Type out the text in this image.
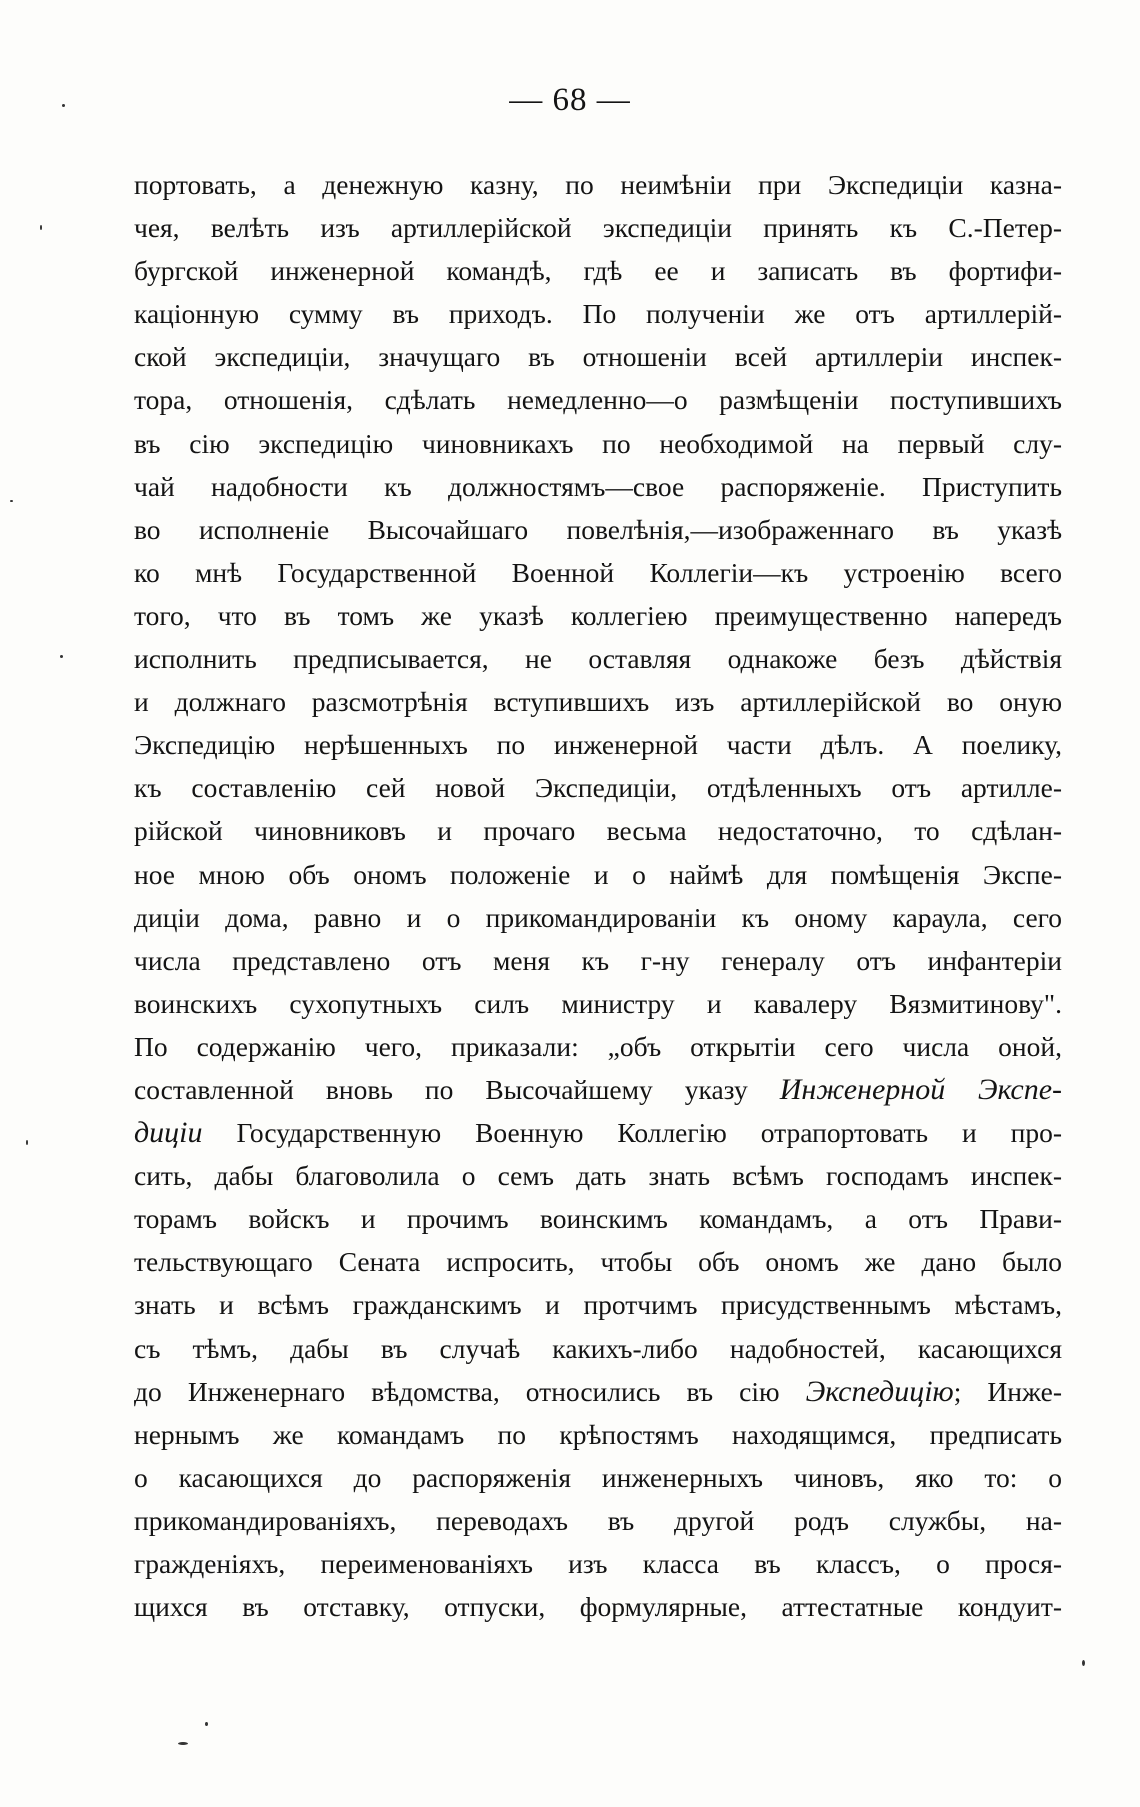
— 68 —
портовать, а денежную казну, по неимѣніи при Экспедиціи казна-
чея, велѣть изъ артиллерійской экспедиціи принять къ С.-Петер-
бургской инженерной командѣ, гдѣ ее и записать въ фортифи-
каціонную сумму въ приходъ. По полученіи же отъ артиллерій-
ской экспедиціи, значущаго въ отношеніи всей артиллеріи инспек-
тора, отношенія, сдѣлать немедленно—о размѣщеніи поступившихъ
въ сію экспедицію чиновникахъ по необходимой на первый слу-
чай надобности къ должностямъ—свое распоряженіе. Приступить
во исполненіе Высочайшаго повелѣнія,—изображеннаго въ указѣ
ко мнѣ Государственной Военной Коллегіи—къ устроенію всего
того, что въ томъ же указѣ коллегіею преимущественно напередъ
исполнить предписывается, не оставляя однакоже безъ дѣйствія
и должнаго разсмотрѣнія вступившихъ изъ артиллерійской во оную
Экспедицію нерѣшенныхъ по инженерной части дѣлъ. А поелику,
къ составленію сей новой Экспедиціи, отдѣленныхъ отъ артилле-
рійской чиновниковъ и прочаго весьма недостаточно, то сдѣлан-
ное мною объ ономъ положеніе и о наймѣ для помѣщенія Экспе-
диціи дома, равно и о прикомандированіи къ оному караула, сего
числа представлено отъ меня къ г-ну генералу отъ инфантеріи
воинскихъ сухопутныхъ силъ министру и кавалеру Вязмитинову".
По содержанію чего, приказали: „объ открытіи сего числа оной,
составленной вновь по Высочайшему указу Инженерной Экспе-
диціи Государственную Военную Коллегію отрапортовать и про-
сить, дабы благоволила о семъ дать знать всѣмъ господамъ инспек-
торамъ войскъ и прочимъ воинскимъ командамъ, а отъ Прави-
тельствующаго Сената испросить, чтобы объ ономъ же дано было
знать и всѣмъ гражданскимъ и протчимъ присудственнымъ мѣстамъ,
съ тѣмъ, дабы въ случаѣ какихъ-либо надобностей, касающихся
до Инженернаго вѣдомства, относились въ сію Экспедицію; Инже-
нернымъ же командамъ по крѣпостямъ находящимся, предписать
о касающихся до распоряженія инженерныхъ чиновъ, яко то: о
прикомандированіяхъ, переводахъ въ другой родъ службы, на-
гражденіяхъ, переименованіяхъ изъ класса въ классъ, о прося-
щихся въ отставку, отпуски, формулярные, аттестатные кондуит-
